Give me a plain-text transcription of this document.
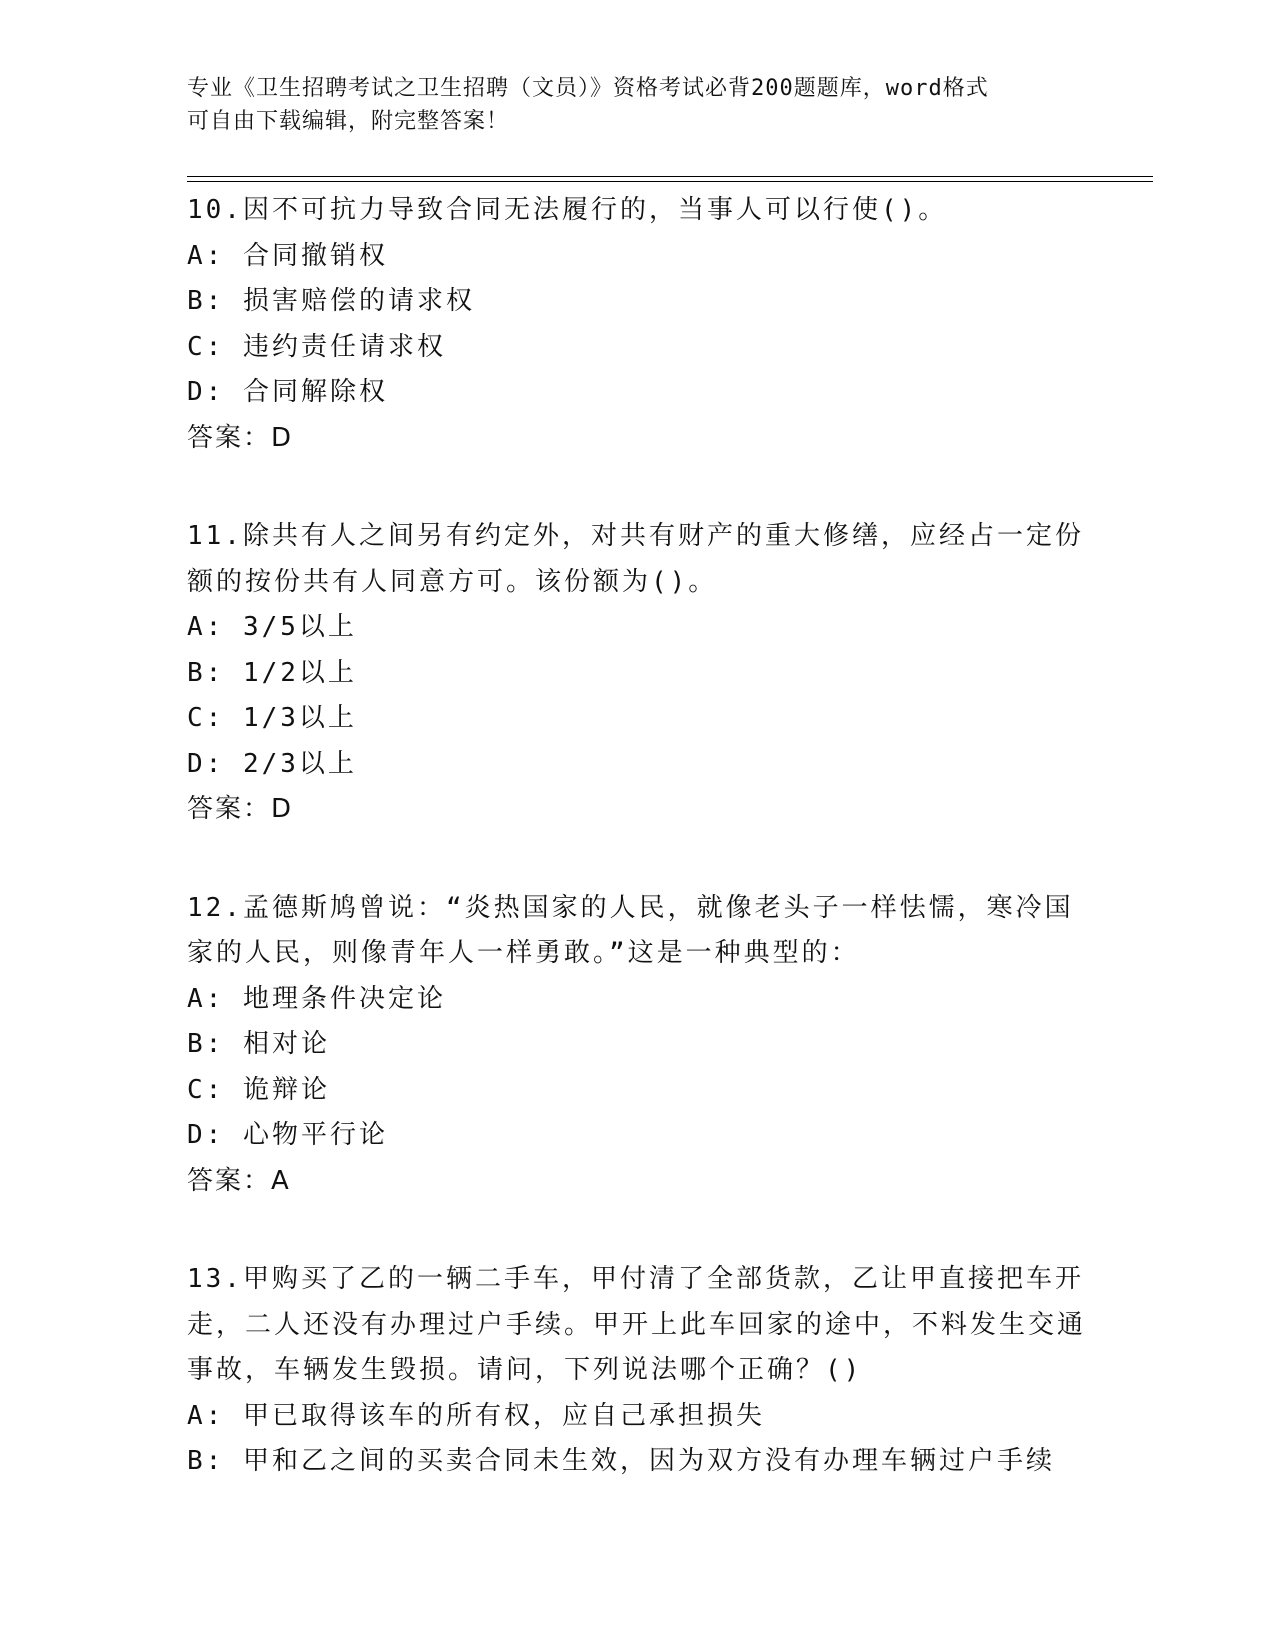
专业《卫生招聘考试之卫生招聘（文员）》资格考试必背200题题库，word格式
可自由下载编辑，附完整答案！

10.因不可抗力导致合同无法履行的，当事人可以行使()。

A: 合同撤销权

B: 损害赔偿的请求权

C: 违约责任请求权

D: 合同解除权

答案：D

11.除共有人之间另有约定外，对共有财产的重大修缮，应经占一定份额的按份共有人同意方可。该份额为()。

A: 3/5以上

B: 1/2以上

C: 1/3以上

D: 2/3以上

答案：D

12.孟德斯鸠曾说：“炎热国家的人民，就像老头子一样怯懦，寒冷国家的人民，则像青年人一样勇敢。”这是一种典型的：

A: 地理条件决定论

B: 相对论

C: 诡辩论

D: 心物平行论

答案：A

13.甲购买了乙的一辆二手车，甲付清了全部货款，乙让甲直接把车开走，二人还没有办理过户手续。甲开上此车回家的途中，不料发生交通事故，车辆发生毁损。请问，下列说法哪个正确？()

A: 甲已取得该车的所有权，应自己承担损失

B: 甲和乙之间的买卖合同未生效，因为双方没有办理车辆过户手续
